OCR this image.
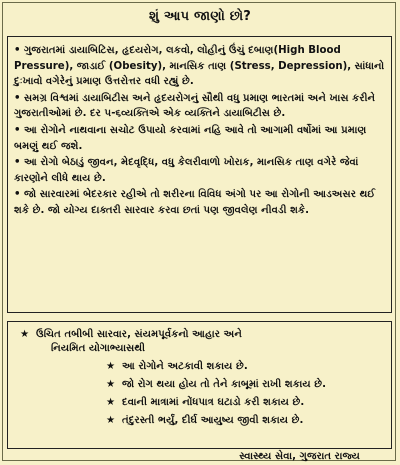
શું આપ જાણો છો?

• ગુજરાતમાં ડાયાબિટિસ, હૃદયરોગ, લકવો, લોહીનું ઉંચું દબાણ(High Blood Pressure), જાડાઈ (Obesity), માનસિક તાણ (Stress, Depression), સાંધાનો દુઃખાવો વગેરેનું પ્રમાણ ઉત્તરોત્તર વધી રહ્યું છે.

• સમગ્ર વિશ્વમાં ડાયાબિટીસ અને હૃદયરોગનું સૌથી વધુ પ્રમાણ ભારતમાં અને ખાસ કરીને ગુજરાતીઓમાં છે. દર ૫-૬વ્યક્તિએ એક વ્યક્તિને ડાયાબિટીસ છે.

• આ રોગોને નાથવાના સચોટ ઉપાયો કરવામાં નહિ આવે તો આગામી વર્ષોમાં આ પ્રમાણ બમણું થઈ જશે.

• આ રોગો બેઠાડું જીવન, મેદવૃદ્ધિ, વધુ કેલરીવાળો ખોરાક, માનસિક તાણ વગેરે જેવાં કારણોને લીધે થાય છે.

• જો સારવારમાં બેદરકાર રહીએ તો શરીરના વિવિધ અંગો પર આ રોગોની આડઅસર થઈ શકે છે. જો યોગ્ય દાક્તરી સારવાર કરવા છતાં પણ જીવલેણ નીવડી શકે.

★ ઉચિત તબીબી સારવાર, સંયમપૂર્વકનો આહાર અને
નિયમિત યોગાભ્યાસથી
★ આ રોગોને અટકાવી શકાય છે.
★ જો રોગ થયા હોય તો તેને કાબૂમાં રાખી શકાય છે.
★ દવાની માત્રામાં નોંધપાત્ર ઘટાડો કરી શકાય છે.
★ તંદુરસ્તી ભર્યું, દીર્ઘ આયુષ્ય જીવી શકાય છે.
સ્વાસ્થ્ય સેવા, ગુજરાત રાજ્ય
